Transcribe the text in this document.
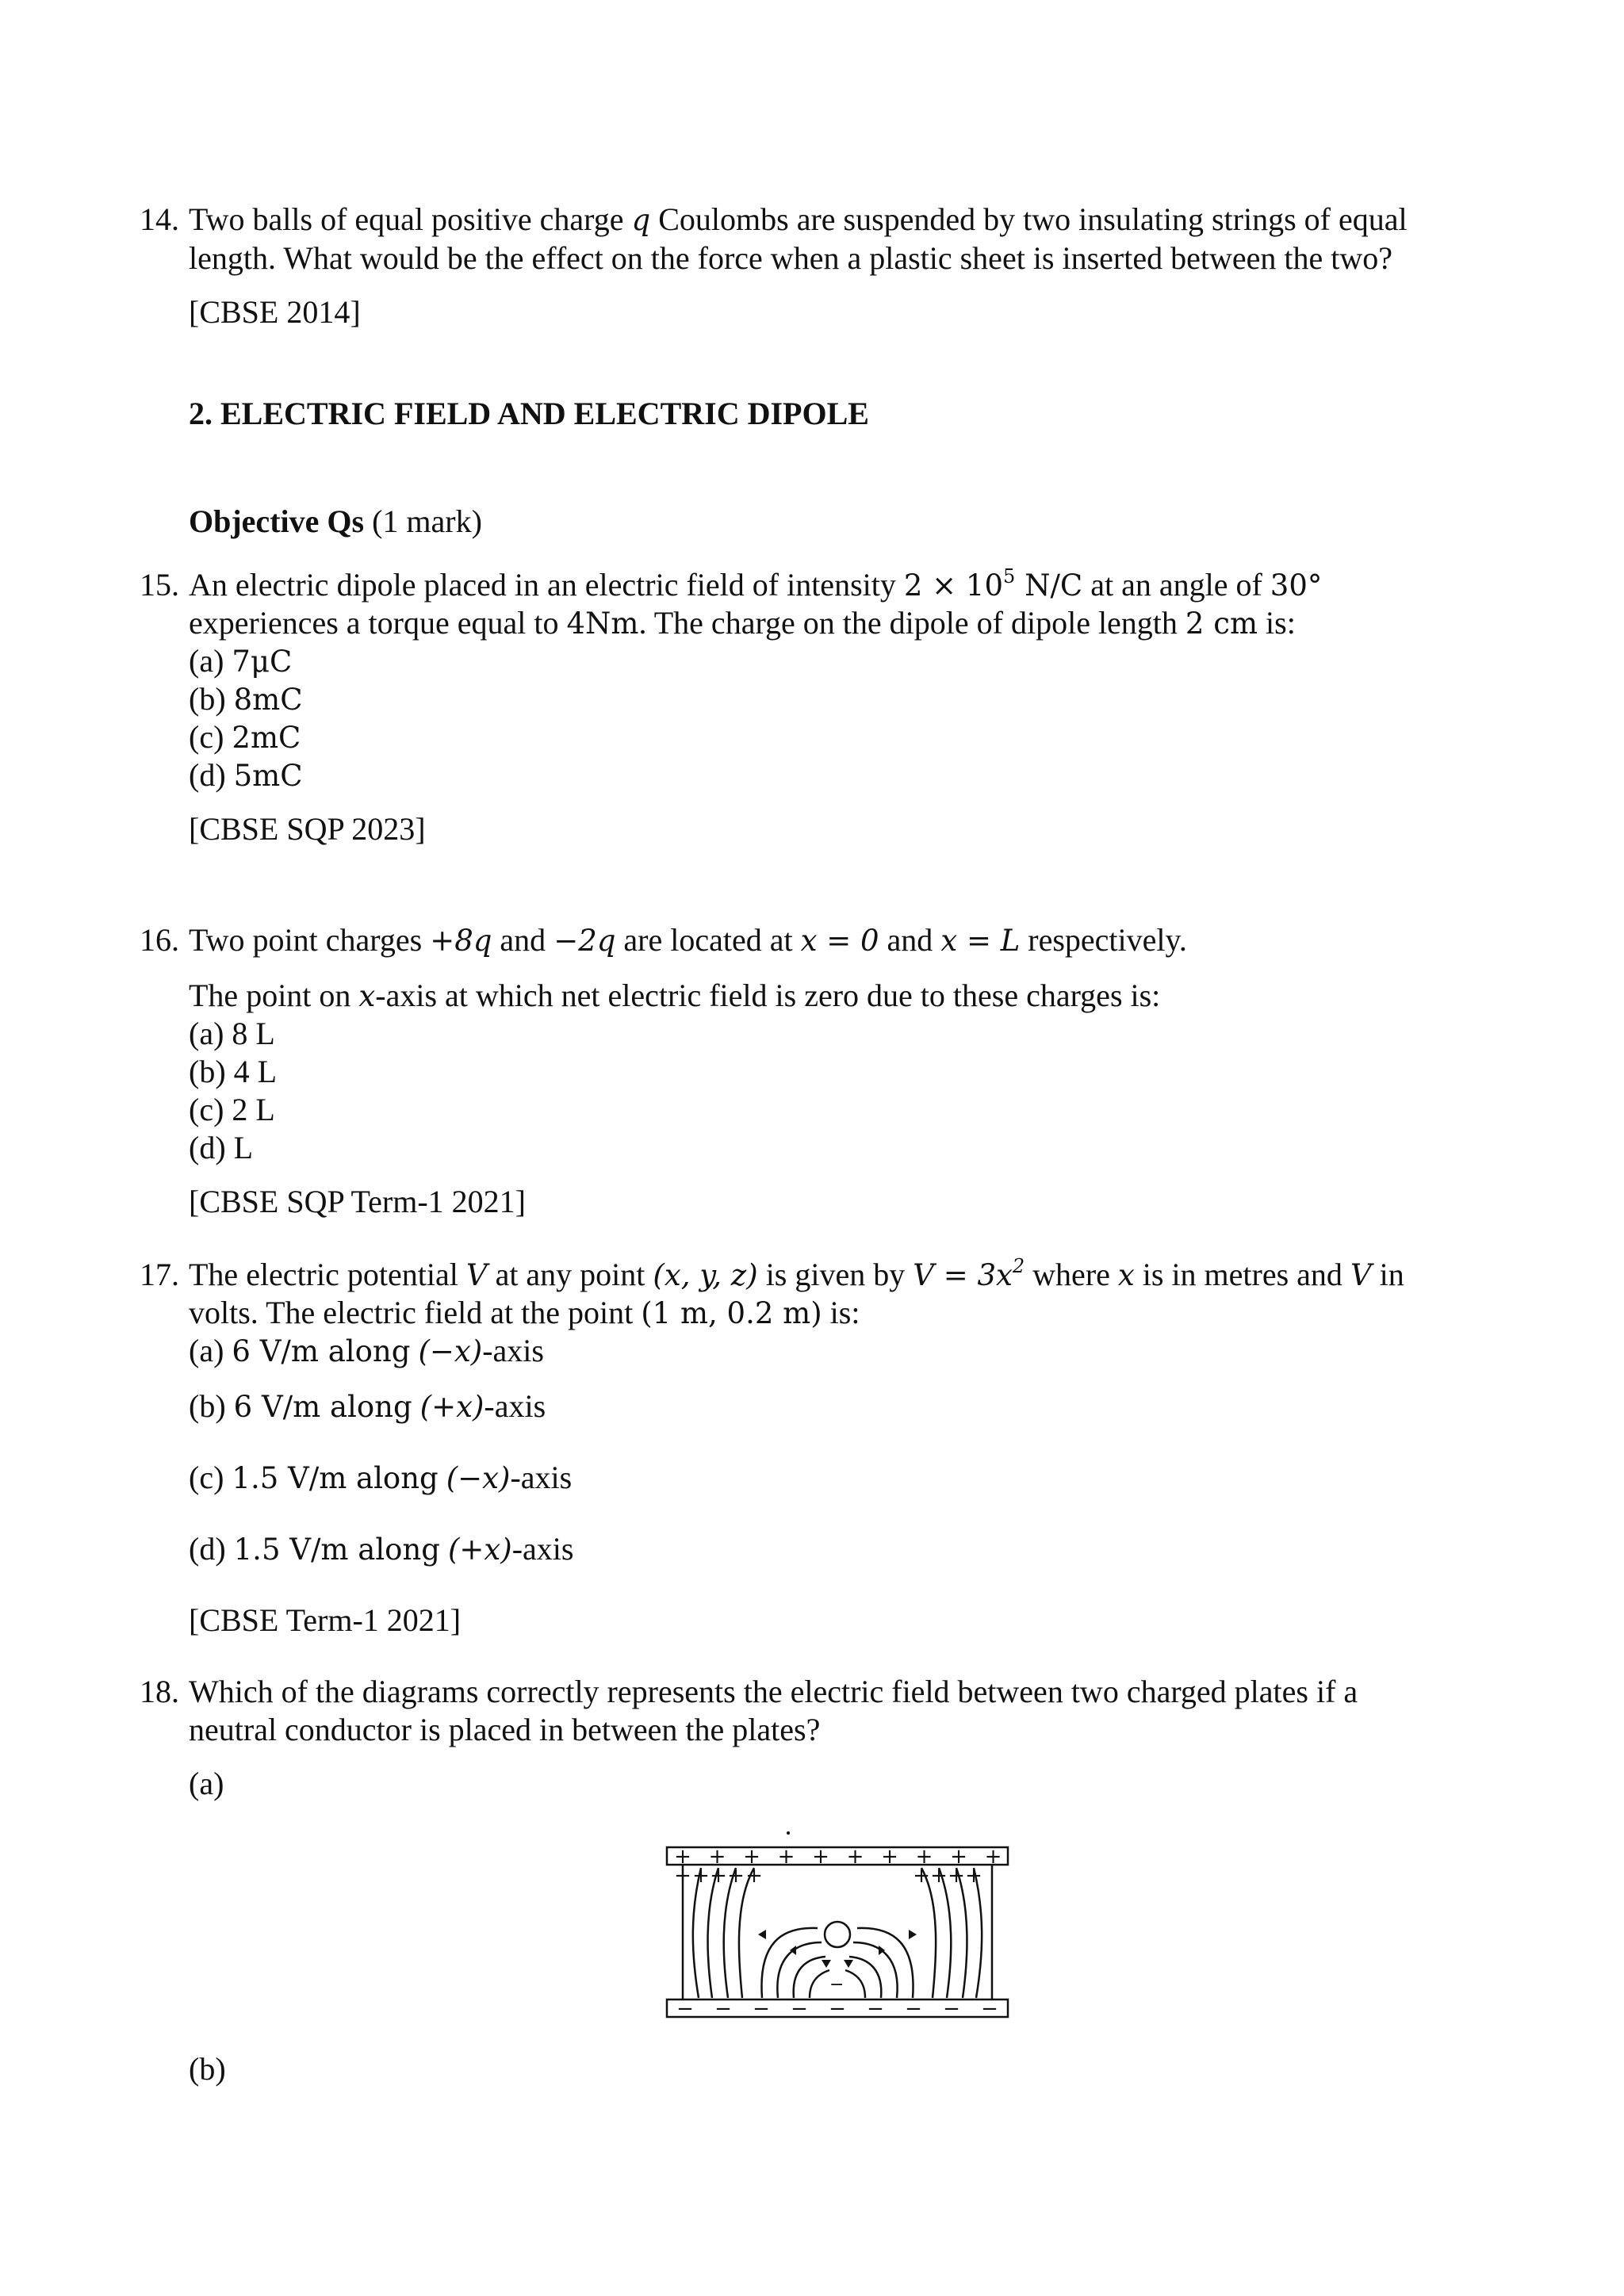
14. Two balls of equal positive charge q Coulombs are suspended by two insulating strings of equal
length. What would be the effect on the force when a plastic sheet is inserted between the two?
[CBSE 2014]
2. ELECTRIC FIELD AND ELECTRIC DIPOLE
Objective Qs (1 mark)
15. An electric dipole placed in an electric field of intensity $2 \times 10^5$ N/C at an angle of 30°
experiences a torque equal to 4Nm. The charge on the dipole of dipole length 2 cm is:
(a) 7μC
(b) 8mC
(c) 2mC
(d) 5mC
[CBSE SQP 2023]
16. Two point charges +8q and −2q are located at x = 0 and x = L respectively.
The point on x-axis at which net electric field is zero due to these charges is:
(a) 8 L
(b) 4 L
(c) 2 L
(d) L
[CBSE SQP Term-1 2021]
17. The electric potential V at any point (x, y, z) is given by $V = 3x^2$ where x is in metres and V in
volts. The electric field at the point (1 m, 0.2 m) is:
(a) 6 V/m along (−x)-axis
(b) 6 V/m along (+x)-axis
(c) 1.5 V/m along (−x)-axis
(d) 1.5 V/m along (+x)-axis
[CBSE Term-1 2021]
18. Which of the diagrams correctly represents the electric field between two charged plates if a
neutral conductor is placed in between the plates?
(a)
+ + + + + + + + + +
+ + + + +	+ + + +
− − − − − − − − −
−
(b)
